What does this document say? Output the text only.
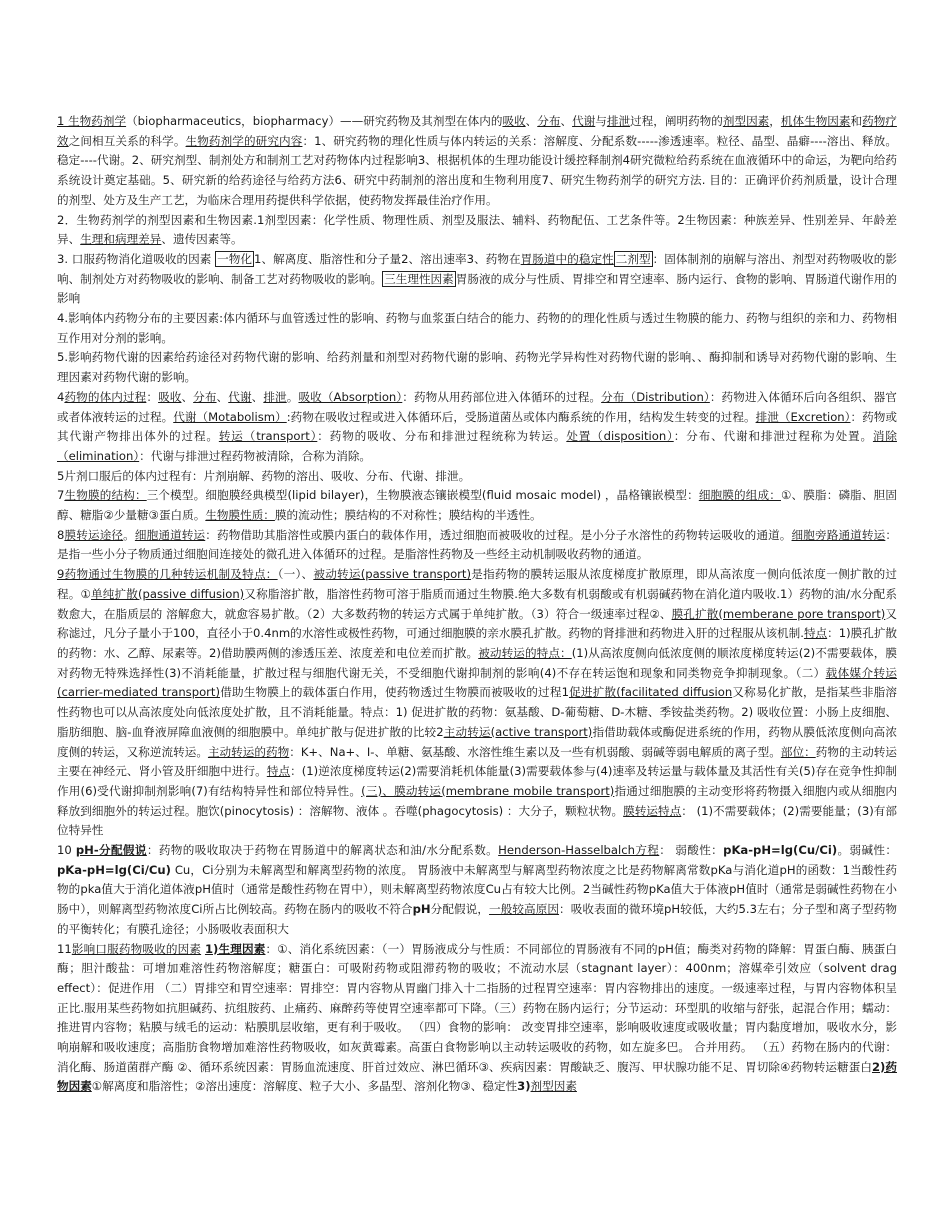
1 生物药剂学（biopharmaceutics，biopharmacy）——研究药物及其剂型在体内的吸收、分布、代谢与排泄过程，阐明药物的剂型因素，机体生物因素和药物疗效之间相互关系的科学。生物药剂学的研究内容：1、研究药物的理化性质与体内转运的关系：溶解度、分配系数-----渗透速率。粒径、晶型、晶癖----溶出、释放。稳定----代谢。2、研究剂型、制剂处方和制剂工艺对药物体内过程影响3、根据机体的生理功能设计缓控释制剂4研究微粒给药系统在血液循环中的命运，为靶向给药系统设计奠定基础。5、研究新的给药途径与给药方法6、研究中药制剂的溶出度和生物利用度7、研究生物药剂学的研究方法. 目的：正确评价药剂质量，设计合理的剂型、处方及生产工艺，为临床合理用药提供科学依据，使药物发挥最佳治疗作用。

2．生物药剂学的剂型因素和生物因素.1剂型因素：化学性质、物理性质、剂型及服法、辅料、药物配伍、工艺条件等。2生物因素：种族差异、性别差异、年龄差异、生理和病理差异、遗传因素等。

3. 口服药物消化道吸收的因素 一物化 1、解离度、脂溶性和分子量2、溶出速率3、药物在胃肠道中的稳定性 二剂型 ：固体制剂的崩解与溶出、剂型对药物吸收的影响、制剂处方对药物吸收的影响、制备工艺对药物吸收的影响。 三生理性因素 胃肠液的成分与性质、胃排空和胃空速率、肠内运行、食物的影响、胃肠道代谢作用的影响

4.影响体内药物分布的主要因素:体内循环与血管透过性的影响、药物与血浆蛋白结合的能力、药物的的理化性质与透过生物膜的能力、药物与组织的亲和力、药物相互作用对分剂的影响。

5.影响药物代谢的因素给药途径对药物代谢的影响、给药剂量和剂型对药物代谢的影响、药物光学异构性对药物代谢的影响、、酶抑制和诱导对药物代谢的影响、生理因素对药物代谢的影响。

4药物的体内过程：吸收、分布、代谢、排泄。吸收（Absorption）：药物从用药部位进入体循环的过程。分布（Distribution）：药物进入体循环后向各组织、器官或者体液转运的过程。代谢（Motabolism）:药物在吸收过程或进入体循环后，受肠道菌丛或体内酶系统的作用，结构发生转变的过程。排泄（Excretion）：药物或其代谢产物排出体外的过程。转运（transport）：药物的吸收、分布和排泄过程统称为转运。处置（disposition）：分布、代谢和排泄过程称为处置。消除（elimination）：代谢与排泄过程药物被清除，合称为消除。

5片剂口服后的体内过程有：片剂崩解、药物的溶出、吸收、分布、代谢、排泄。

7生物膜的结构：三个模型。细胞膜经典模型(lipid bilayer)，生物膜液态镶嵌模型(fluid mosaic model) ，晶格镶嵌模型：细胞膜的组成：①、膜脂：磷脂、胆固醇、糖脂②少量糖③蛋白质。生物膜性质：膜的流动性；膜结构的不对称性；膜结构的半透性。

8膜转运途径。细胞通道转运：药物借助其脂溶性或膜内蛋白的载体作用，透过细胞而被吸收的过程。是小分子水溶性的药物转运吸收的通道。细胞旁路通道转运：是指一些小分子物质通过细胞间连接处的微孔进入体循环的过程。是脂溶性药物及一些经主动机制吸收药物的通道。

9药物通过生物膜的几种转运机制及特点：（一）、被动转运(passive transport)是指药物的膜转运服从浓度梯度扩散原理，即从高浓度一侧向低浓度一侧扩散的过程。①单纯扩散(passive diffusion)又称脂溶扩散，脂溶性药物可溶于脂质而通过生物膜.绝大多数有机弱酸或有机弱碱药物在消化道内吸收.1）药物的油/水分配系数愈大，在脂质层的 溶解愈大，就愈容易扩散。（2）大多数药物的转运方式属于单纯扩散。（3）符合一级速率过程②、膜孔扩散(memberane pore transport)又称滤过，凡分子量小于100，直径小于0.4nm的水溶性或极性药物，可通过细胞膜的亲水膜孔扩散。药物的肾排泄和药物进入肝的过程服从该机制.特点：1)膜孔扩散的药物：水、乙醇、尿素等。2)借助膜两侧的渗透压差、浓度差和电位差而扩散。被动转运的特点：(1)从高浓度侧向低浓度侧的顺浓度梯度转运(2)不需要载体，膜对药物无特殊选择性(3)不消耗能量，扩散过程与细胞代谢无关，不受细胞代谢抑制剂的影响(4)不存在转运饱和现象和同类物竞争抑制现象。（二）载体媒介转运(carrier-mediated transport)借助生物膜上的载体蛋白作用，使药物透过生物膜而被吸收的过程1促进扩散(facilitated diffusion又称易化扩散，是指某些非脂溶性药物也可以从高浓度处向低浓度处扩散，且不消耗能量。特点：1) 促进扩散的药物：氨基酸、D-葡萄糖、D-木糖、季铵盐类药物。2) 吸收位置：小肠上皮细胞、脂肪细胞、脑-血脊液屏障血液侧的细胞膜中。单纯扩散与促进扩散的比较2主动转运(active transport)指借助载体或酶促进系统的作用，药物从膜低浓度侧向高浓度侧的转运，又称逆流转运。主动转运的药物：K+、Na+、I-、单糖、氨基酸、水溶性维生素以及一些有机弱酸、弱碱等弱电解质的离子型。部位：药物的主动转运主要在神经元、肾小管及肝细胞中进行。特点：(1)逆浓度梯度转运(2)需要消耗机体能量(3)需要载体参与(4)速率及转运量与载体量及其活性有关(5)存在竞争性抑制作用(6)受代谢抑制剂影响(7)有结构特异性和部位特异性。(三)、膜动转运(membrane mobile transport)指通过细胞膜的主动变形将药物摄入细胞内或从细胞内释放到细胞外的转运过程。胞饮(pinocytosis) ：溶解物、液体 。吞噬(phagocytosis) ：大分子，颗粒状物。膜转运特点： (1)不需要载体；(2)需要能量；(3)有部位特异性

10 pH-分配假说：药物的吸收取决于药物在胃肠道中的解离状态和油/水分配系数。Henderson-Hasselbalch方程： 弱酸性：pKa-pH=lg(Cu/Ci)。弱碱性： pKa-pH=lg(Ci/Cu) Cu，Ci分别为未解离型和解离型药物的浓度。 胃肠液中未解离型与解离型药物浓度之比是药物解离常数pKa与消化道pH的函数：1当酸性药物的pka值大于消化道体液pH值时（通常是酸性药物在胃中），则未解离型药物浓度Cu占有较大比例。2当碱性药物pKa值大于体液pH值时（通常是弱碱性药物在小肠中），则解离型药物浓度Ci所占比例较高。药物在肠内的吸收不符合pH分配假说，一般较高原因：吸收表面的微环境pH较低，大约5.3左右；分子型和离子型药物的平衡转化；有膜孔途径；小肠吸收表面积大

11影响口服药物吸收的因素 1)生理因素：①、消化系统因素：（一）胃肠液成分与性质：不同部位的胃肠液有不同的pH值；酶类对药物的降解：胃蛋白酶、胰蛋白酶；胆汁酸盐：可增加难溶性药物溶解度；糖蛋白：可吸附药物或阻滞药物的吸收；不流动水层（stagnant layer）：400nm；溶媒牵引效应（solvent drag effect）：促进作用 （二）胃排空和胃空速率：胃排空：胃内容物从胃幽门排入十二指肠的过程胃空速率：胃内容物排出的速度。一级速率过程，与胃内容物体积呈正比.服用某些药物如抗胆碱药、抗组胺药、止痛药、麻醉药等使胃空速率都可下降。（三）药物在肠内运行；分节运动：环型肌的收缩与舒张，起混合作用；蠕动：推进胃内容物；粘膜与绒毛的运动：粘膜肌层收缩，更有利于吸收。 （四）食物的影响： 改变胃排空速率，影响吸收速度或吸收量；胃内黏度增加，吸收水分，影响崩解和吸收速度；高脂肪食物增加难溶性药物吸收，如灰黄霉素。高蛋白食物影响以主动转运吸收的药物，如左旋多巴。 合并用药。 （五）药物在肠内的代谢：消化酶、肠道菌群产酶 ②、循环系统因素：胃肠血流速度、肝首过效应、淋巴循环③、疾病因素：胃酸缺乏、腹泻、甲状腺功能不足、胃切除④药物转运糖蛋白2)药物因素①解离度和脂溶性；②溶出速度：溶解度、粒子大小、多晶型、溶剂化物③、稳定性3)剂型因素
